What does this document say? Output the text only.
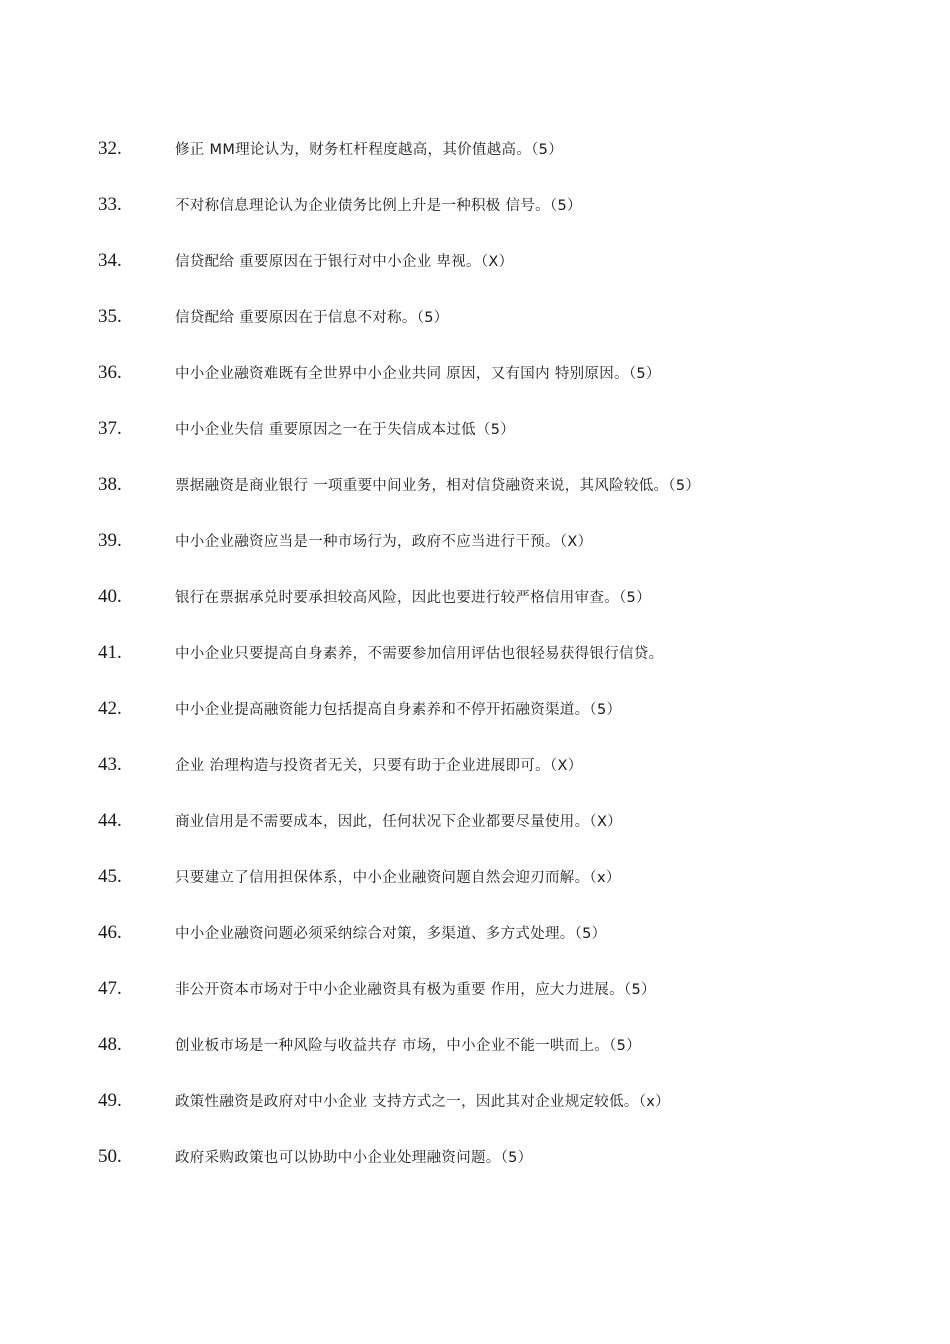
32.	修正 MM理论认为，财务杠杆程度越高，其价值越高。（5）
33.	不对称信息理论认为企业债务比例上升是一种积极 信号。（5）
34.	信贷配给 重要原因在于银行对中小企业 卑视。（X）
35.	信贷配给 重要原因在于信息不对称。（5）
36.	中小企业融资难既有全世界中小企业共同 原因，又有国内 特别原因。（5）
37.	中小企业失信 重要原因之一在于失信成本过低（5）
38.	票据融资是商业银行 一项重要中间业务，相对信贷融资来说，其风险较低。（5）
39.	中小企业融资应当是一种市场行为，政府不应当进行干预。（X）
40.	银行在票据承兑时要承担较高风险，因此也要进行较严格信用审查。（5）
41.	中小企业只要提高自身素养，不需要参加信用评估也很轻易获得银行信贷。
42.	中小企业提高融资能力包括提高自身素养和不停开拓融资渠道。（5）
43.	企业 治理构造与投资者无关，只要有助于企业进展即可。（X）
44.	商业信用是不需要成本，因此，任何状况下企业都要尽量使用。（X）
45.	只要建立了信用担保体系，中小企业融资问题自然会迎刃而解。（x）
46.	中小企业融资问题必须采纳综合对策，多渠道、多方式处理。（5）
47.	非公开资本市场对于中小企业融资具有极为重要 作用，应大力进展。（5）
48.	创业板市场是一种风险与收益共存 市场，中小企业不能一哄而上。（5）
49.	政策性融资是政府对中小企业 支持方式之一，因此其对企业规定较低。（x）
50.	政府采购政策也可以协助中小企业处理融资问题。（5）
